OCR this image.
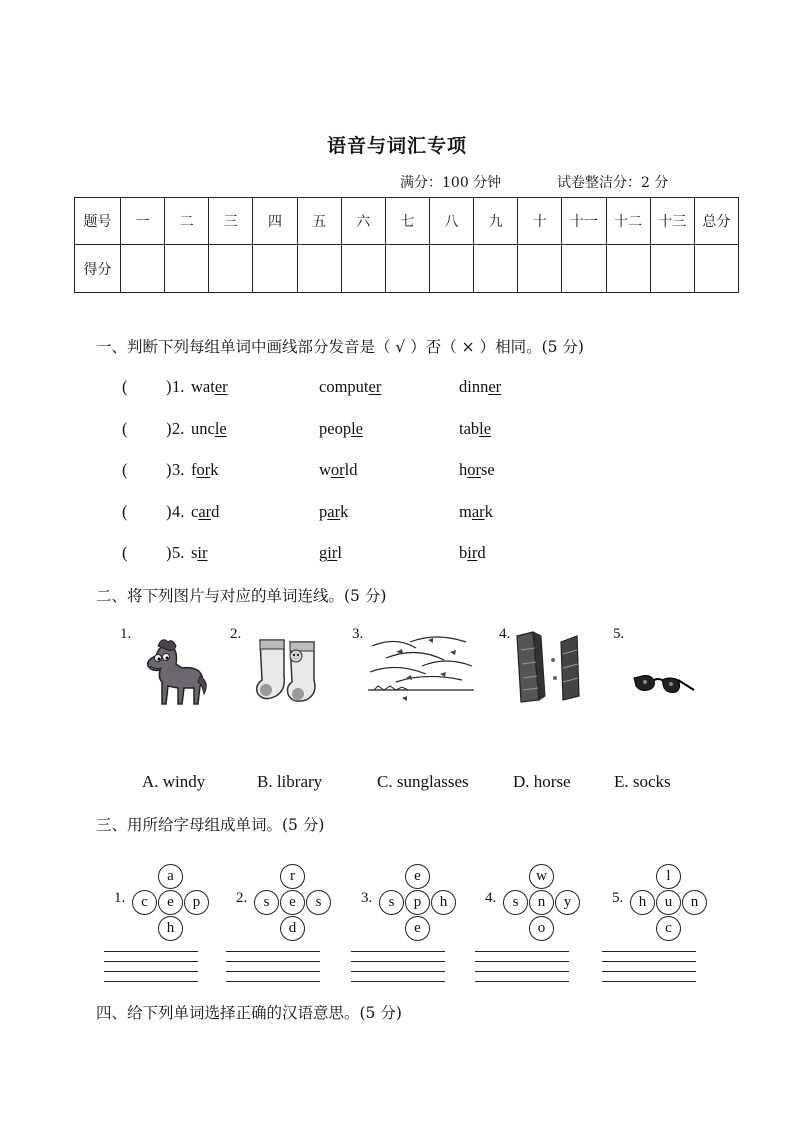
语音与词汇专项
满分：100 分钟	试卷整洁分：2 分
题号	一	二	三	四	五	六	七	八	九	十	十一	十二	十三	总分
得分														
一、判断下列每组单词中画线部分发音是（ √ ）否（ × ）相同。(5 分)
( ) 1. water	computer	dinner
( ) 2. uncle	people	table
( ) 3. fork	world	horse
( ) 4. card	park	mark
( ) 5. sir	girl	bird
二、将下列图片与对应的单词连线。(5 分)
1.	2.	3.	4.	5.
A. windy	B. library	C. sunglasses	D. horse	E. socks
三、用所给字母组成单词。(5 分)
1.
a
c	p
h
e	2.
r
s	s
d
e	3.
e
s	h
e
p	4.
w
s	y
o
n	5.
l
h	n
c
u
四、给下列单词选择正确的汉语意思。(5 分)
